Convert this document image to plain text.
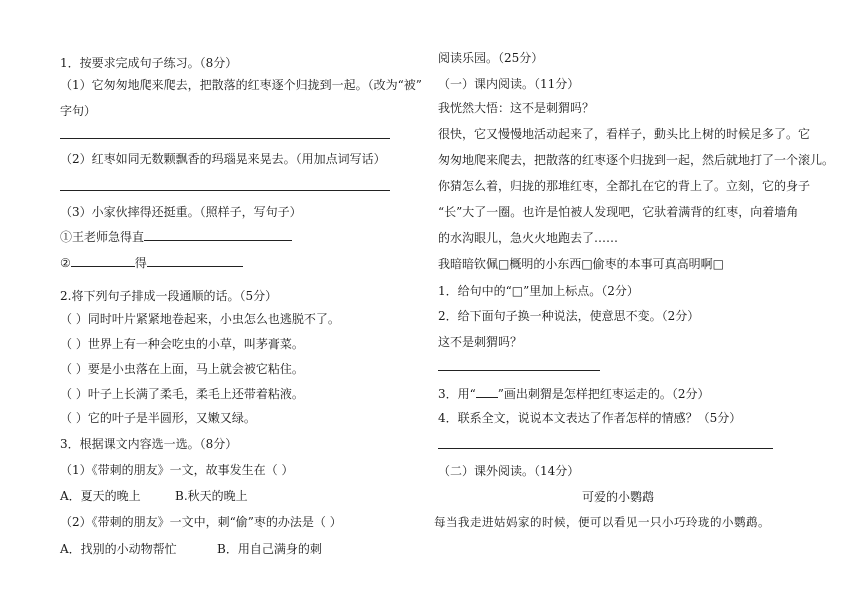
1．按要求完成句子练习。（8分）
（1）它匆匆地爬来爬去，把散落的红枣逐个归拢到一起。（改为“被”
字句）
（2）红枣如同无数颗飘香的玛瑙晃来晃去。（用加点词写话）
（3）小家伙摔得还挺重。（照样子，写句子）
①王老师急得直
②	得
2.将下列句子排成一段通顺的话。（5分）
（ ）同时叶片紧紧地卷起来，小虫怎么也逃脱不了。
（ ）世界上有一种会吃虫的小草，叫茅膏菜。
（ ）要是小虫落在上面，马上就会被它粘住。
（ ）叶子上长满了柔毛，柔毛上还带着粘液。
（ ）它的叶子是半圆形，又嫩又绿。
3．根据课文内容选一选。（8分）
（1）《带刺的朋友》一文，故事发生在（ ）
A．夏天的晚上	B.秋天的晚上
（2）《带刺的朋友》一文中，刺“偷”枣的办法是（ ）
A．找别的小动物帮忙	B．用自己满身的刺
阅读乐园。（25分）
（一）课内阅读。（11分）
我恍然大悟：这不是刺猬吗？
很快，它又慢慢地活动起来了，看样子，動头比上树的时候足多了。它
匆匆地爬来爬去，把散落的红枣逐个归拢到一起，然后就地打了一个滚儿。
你猜怎么着，归拢的那堆红枣，全都扎在它的背上了。立刻，它的身子
“长”大了一圈。也许是怕被人发现吧，它驮着满背的红枣，向着墙角
的水沟眼儿，急火火地跑去了……
我暗暗钦佩□概明的小东西□偷枣的本事可真高明啊□
1．给句中的“□”里加上标点。（2分）
2．给下面句子换一种说法，使意思不变。（2分）
这不是刺猬吗？
3．用“ ”画出刺猬是怎样把红枣运走的。（2分）
4．联系全文，说说本文表达了作者怎样的情感？（5分）
（二）课外阅读。（14分）
可爱的小鹦鹉
每当我走进姑妈家的时候，便可以看见一只小巧玲珑的小鹦鹉。
